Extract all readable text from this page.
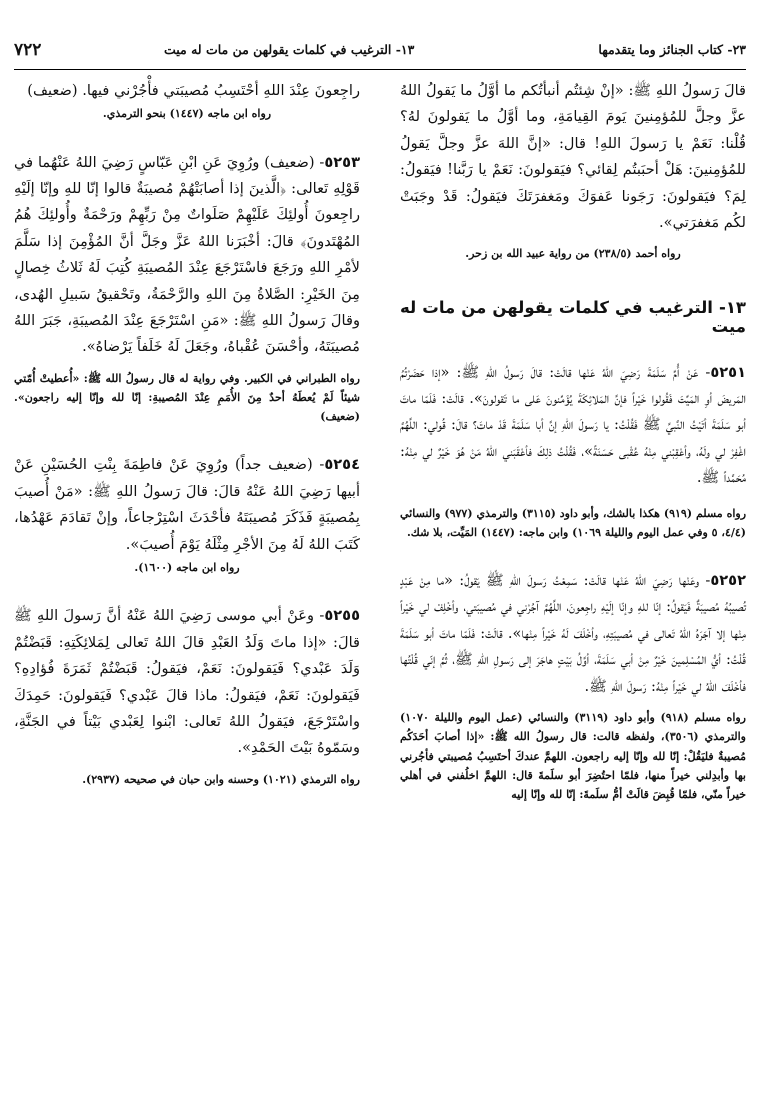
٢٣- كتاب الجنائز وما يتقدمها
١٣- الترغيب في كلمات يقولهن من مات له ميت
٧٢٢

قالَ رَسولُ اللهِ ﷺ: «إنْ شِئتُم أنبأتُكم ما أوَّلُ ما يَقولُ اللهُ عزَّ وجلَّ للمُؤمِنينَ يَومَ القِيامَةِ، وما أوَّلُ ما يَقولونَ لهُ؟ قُلْنا: نَعَمْ يا رَسولَ اللهِ! قال: «إنَّ اللهَ عزَّ وجلَّ يَقولُ للمُؤمِنينَ: هَلْ أحبَبتُم لِقائي؟ فيَقولونَ: نَعَمْ يا رَبَّنا! فيَقولُ: لِمَ؟ فيَقولونَ: رَجَونا عَفوَكَ ومَغفرَتَكَ فيَقولُ: قَدْ وجَبَتْ لكُم مَغفرَتي».

رواه أحمد (٢٣٨/٥) من رواية عبيد الله بن زحر.

١٣- الترغيب في كلمات يقولهن من مات له ميت

٥٢٥١- عَنْ أُمِّ سَلَمَةَ رَضِيَ اللهُ عَنْها قالَتْ: قالَ رَسولُ اللهِ ﷺ: «إذا حَضَرْتُمُ المَريضَ أوِ المَيِّتَ فَقُولوا خَيْراً فإنَّ المَلائِكَةَ يُؤَمِّنونَ عَلى ما تَقولونَ». قالَتْ: فَلَمّا ماتَ أبو سَلَمَةَ أتَيْتُ النَّبيَّ ﷺ فَقُلْتُ: يا رَسولَ اللهِ إنَّ أبا سَلَمَةَ قَدْ ماتَ؟ قالَ: قُولي: اللَّهُمَّ اغْفِرْ لي ولَهُ، وأعْقِبْني مِنْهُ عُقْبى حَسَنَةً»، فَقُلْتُ ذلِكَ فأعْقَبَني اللهُ مَنْ هُوَ خَيْرٌ لي مِنْهُ: مُحَمَّداً ﷺ.

رواه مسلم (٩١٩) هكذا بالشك، وأبو داود (٣١١٥) والترمذي (٩٧٧) والنسائي (٤/٤، ٥ وفي عمل اليوم والليلة ١٠٦٩) وابن ماجه: (١٤٤٧) المَيِّت، بلا شك.

٥٢٥٢- وعَنْها رَضِيَ اللهُ عَنْها قالَتْ: سَمِعْتُ رَسولَ اللهِ ﷺ يَقولُ: «ما مِنْ عَبْدٍ تُصيبُهُ مُصيبَةٌ فَيَقولُ: إنّا للهِ وإنّا إلَيْهِ راجِعونَ، اللَّهُمَّ آجُرْني في مُصيبَتي، وأخْلِفْ لي خَيْراً مِنْها إلا آجَرَهُ اللهُ تَعالى في مُصيبَتِهِ، وأخْلَفَ لَهُ خَيْراً مِنْها». قالَتْ: فَلَمّا ماتَ أبو سَلَمَةَ قُلْتُ: أيُّ المُسْلِمينَ خَيْرٌ مِنْ أبي سَلَمَةَ، أوَّلُ بَيْتٍ هاجَرَ إلى رَسولِ اللهِ ﷺ، ثُمَّ إنّي قُلْتُها فأخْلَفَ اللهُ لي خَيْراً مِنْهُ: رَسولَ اللهِ ﷺ.

رواه مسلم (٩١٨) وأبو داود (٣١١٩) والنسائي (عمل اليوم والليلة ١٠٧٠) والترمذي (٣٥٠٦)، ولفظه قالت: قال رسولُ الله ﷺ: «إذا أصابَ أحَدَكُم مُصيبةٌ فليَقُلْ: إنّا لله وإنّا إليه راجعون. اللهمَّ عندكَ أحتَسِبُ مُصيبتي فأجُرني بها وأبدِلني خيراً منها، فلمّا احتُضِرَ أبو سلَمةَ قال: اللهمَّ اخلُفني في أهلي خيراً منّي، فلمّا قُبِضَ قالَتْ أمُّ سلَمةَ: إنّا لله وإنّا إليه

راجِعونَ عِنْدَ اللهِ أحْتَسِبُ مُصيبَتي فأْجُرْني فيها. (ضعيف)

رواه ابن ماجه (١٤٤٧) بنحو الترمذي.

٥٢٥٣- (ضعيف) ورُوِيَ عَنِ ابْنِ عَبّاسٍ رَضِيَ اللهُ عَنْهُما في قَوْلِهِ تَعالى: ﴿الَّذينَ إذا أصابَتْهُمْ مُصيبَةٌ قالوا إنّا للهِ وإنّا إلَيْهِ راجِعونَ أُولئِكَ عَلَيْهِمْ صَلَواتٌ مِنْ رَبِّهِمْ ورَحْمَةٌ وأُولئِكَ هُمُ المُهْتَدونَ﴾ قالَ: أخْبَرَنا اللهُ عَزَّ وجَلَّ أنَّ المُؤْمِنَ إذا سَلَّمَ لأمْرِ اللهِ ورَجَعَ فاسْتَرْجَعَ عِنْدَ المُصيبَةِ كُتِبَ لَهُ ثَلاثُ خِصالٍ مِنَ الخَيْرِ: الصَّلاةُ مِنَ اللهِ والرَّحْمَةُ، وتَحْقيقُ سَبيلِ الهُدى، وقالَ رَسولُ اللهِ ﷺ: «مَنِ اسْتَرْجَعَ عِنْدَ المُصيبَةِ، جَبَرَ اللهُ مُصيبَتَهُ، وأحْسَنَ عُقْباهُ، وجَعَلَ لَهُ خَلَفاً يَرْضاهُ».

رواه الطبراني في الكبير. وفي رواية له قال رسولُ الله ﷺ: «أُعطيتْ أُمّتي شيئاً لَمْ يُعطَهُ أحدٌ مِنَ الأُمَمِ عِنْدَ المُصيبةِ: إنّا لله وإنّا إليه راجعون». (ضعيف)

٥٢٥٤- (ضعيف جداً) ورُوِيَ عَنْ فاطِمَةَ بِنْتِ الحُسَيْنِ عَنْ أبيها رَضِيَ اللهُ عَنْهُ قالَ: قالَ رَسولُ اللهِ ﷺ: «مَنْ أُصيبَ بِمُصيبَةٍ فَذَكَرَ مُصيبَتَهُ فأحْدَثَ اسْتِرْجاعاً، وإنْ تَقادَمَ عَهْدُها، كَتَبَ اللهُ لَهُ مِنَ الأجْرِ مِثْلَهُ يَوْمَ أُصيبَ».

رواه ابن ماجه (١٦٠٠).

٥٢٥٥- وعَنْ أبي موسى رَضِيَ اللهُ عَنْهُ أنَّ رَسولَ اللهِ ﷺ قالَ: «إذا ماتَ وَلَدُ العَبْدِ قالَ اللهُ تَعالى لِمَلائِكَتِهِ: قَبَضْتُمْ وَلَدَ عَبْدي؟ فَيَقولونَ: نَعَمْ، فيَقولُ: قَبَضْتُمْ ثَمَرَةَ فُؤادِهِ؟ فَيَقولونَ: نَعَمْ، فيَقولُ: ماذا قالَ عَبْدي؟ فَيَقولونَ: حَمِدَكَ واسْتَرْجَعَ، فيَقولُ اللهُ تَعالى: ابْنوا لِعَبْدي بَيْتاً في الجَنَّةِ، وسَمّوهُ بَيْتَ الحَمْدِ».

رواه الترمذي (١٠٢١) وحسنه وابن حبان في صحيحه (٢٩٣٧).
